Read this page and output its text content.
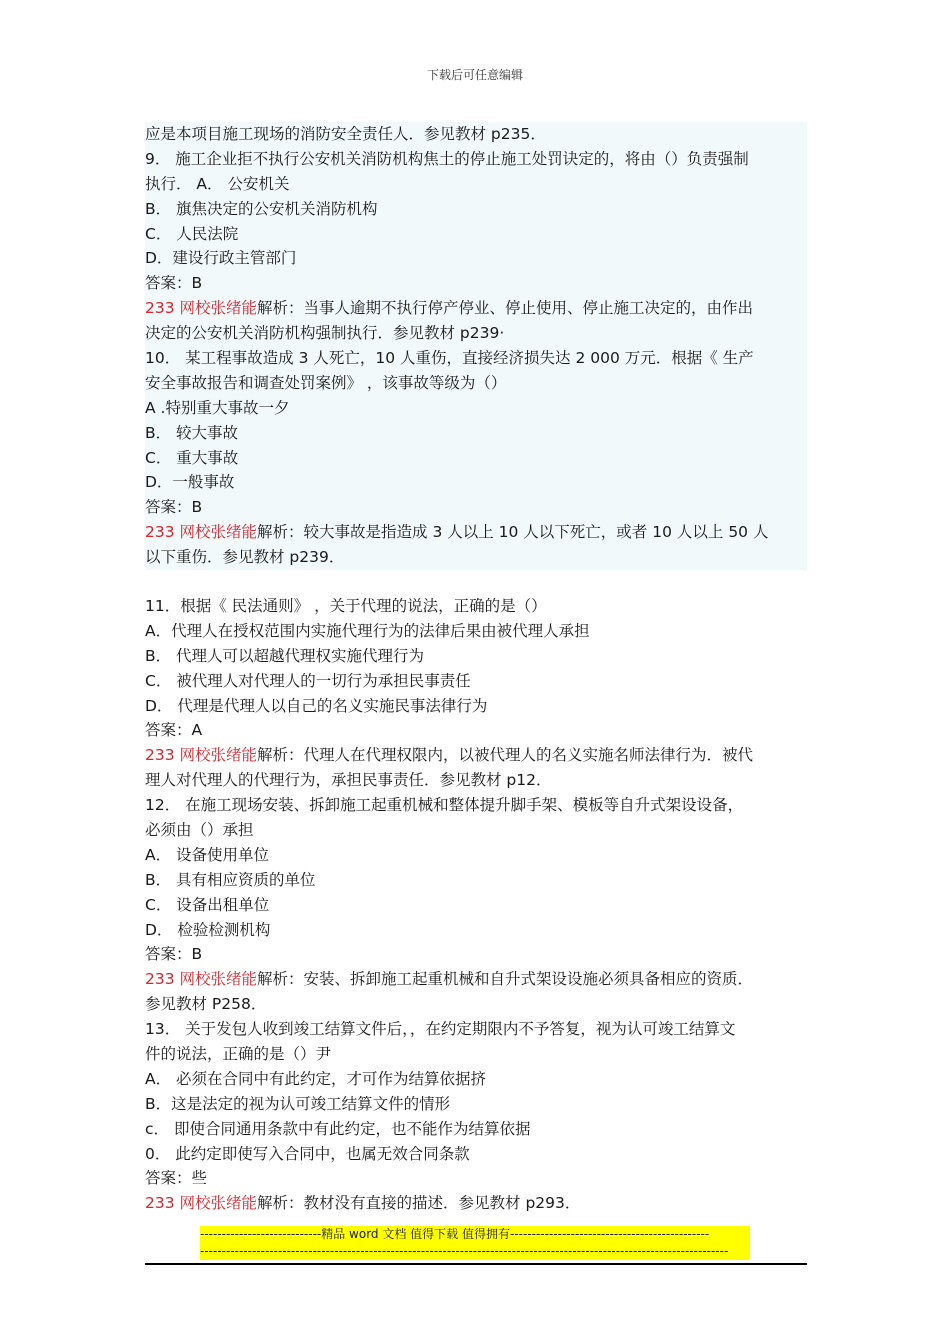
下载后可任意编辑
应是本项目施工现场的消防安全责任人．参见教材 p235．
9． 施工企业拒不执行公安机关消防机构焦土的停止施工处罚诀定的，将由（）负责强制
执行． A． 公安机关
B． 旗焦决定的公安机关消防机构
C． 人民法院
D．建设行政主管部门
答案：B
233 网校张绪能解析：当事人逾期不执行停产停业、停止使用、停止施工决定的，由作出
决定的公安机关消防机构强制执行．参见教材 p239·
10． 某工程事故造成 3 人死亡，10 人重伤，直接经济损失达 2 000 万元．根据《 生产
安全事故报告和调查处罚案例》 ，该事故等级为（）
A .特别重大事故一夕
B． 较大事故
C． 重大事故
D．一般事故
答案：B
233 网校张绪能解析：较大事故是指造成 3 人以上 10 人以下死亡，或者 10 人以上 50 人
以下重伤．参见教材 p239．
11．根据《 民法通则》 ，关于代理的说法，正确的是（）
A．代理人在授权范围内实施代理行为的法律后果由被代理人承担
B． 代理人可以超越代理权实施代理行为
C． 被代理人对代理人的一切行为承担民事责任
D． 代理是代理人以自己的名义实施民事法律行为
答案：A
233 网校张绪能解析：代理人在代理权限内，以被代理人的名义实施名师法律行为．被代
理人对代理人的代理行为，承担民事责任．参见教材 p12．
12． 在施工现场安装、拆卸施工起重机械和整体提升脚手架、模板等自升式架设设备，
必须由（）承担
A． 设备使用单位
B． 具有相应资质的单位
C． 设备出租单位
D． 检验检测机构
答案：B
233 网校张绪能解析：安装、拆卸施工起重机械和自升式架设设施必须具备相应的资质．
参见教材 P258．
13． 关于发包人收到竣工结算文件后，，在约定期限内不予答复，视为认可竣工结算文
件的说法，正确的是（）尹
A． 必须在合同中有此约定，才可作为结算依据挤
B．这是法定的视为认可竣工结算文件的情形
c． 即使合同通用条款中有此约定，也不能作为结算依据
0． 此约定即使写入合同中，也属无效合同条款
答案：些
233 网校张绪能解析：教材没有直接的描述．参见教材 p293．
----------------------------精品 word 文档 值得下载 值得拥有----------------------------------------------
--------------------------------------------------------------------------------------------------------------------------
